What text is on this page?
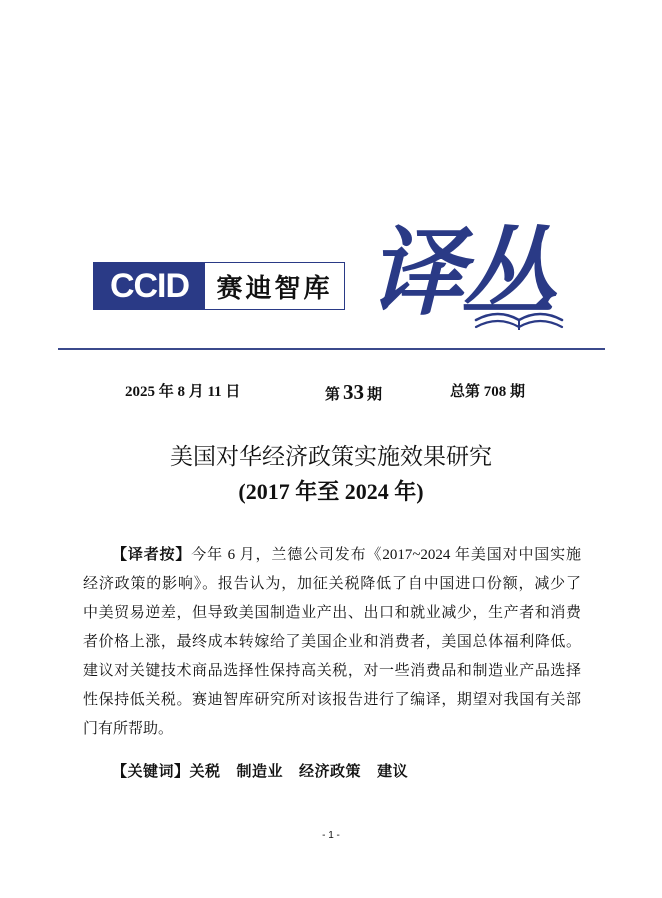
CCID	赛迪智库 译丛
2025 年 8 月 11 日	第 33 期	总第 708 期
美国对华经济政策实施效果研究
(2017 年至 2024 年)
【译者按】今年 6 月，兰德公司发布《2017~2024 年美国对中国实施
经济政策的影响》。报告认为，加征关税降低了自中国进口份额，减少了
中美贸易逆差，但导致美国制造业产出、出口和就业减少，生产者和消费
者价格上涨，最终成本转嫁给了美国企业和消费者，美国总体福利降低。
建议对关键技术商品选择性保持高关税，对一些消费品和制造业产品选择
性保持低关税。赛迪智库研究所对该报告进行了编译，期望对我国有关部
门有所帮助。
【关键词】关税 制造业 经济政策 建议
- 1 -
